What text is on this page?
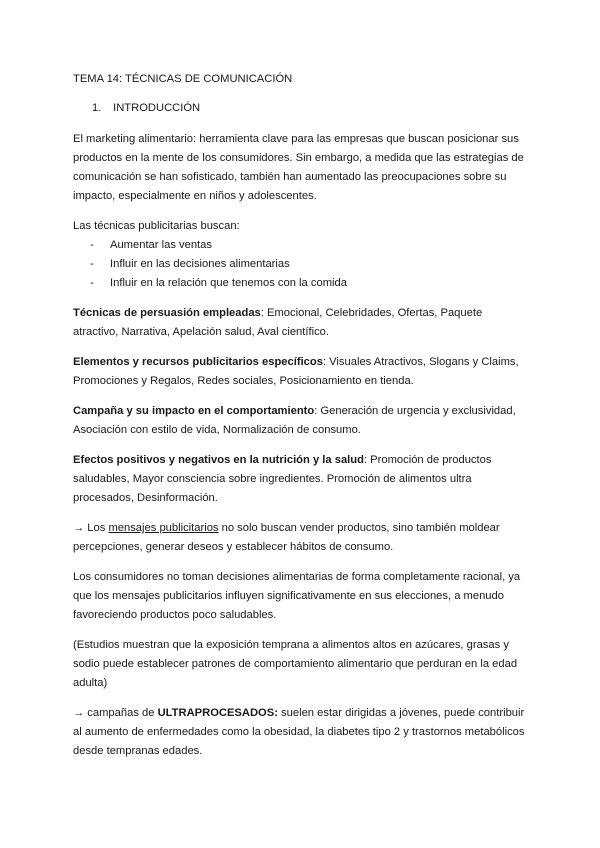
TEMA 14: TÉCNICAS DE COMUNICACIÓN

1. INTRODUCCIÓN

El marketing alimentario: herramienta clave para las empresas que buscan posicionar sus productos en la mente de los consumidores. Sin embargo, a medida que las estrategias de comunicación se han sofisticado, también han aumentado las preocupaciones sobre su impacto, especialmente en niños y adolescentes.

Las técnicas publicitarias buscan:

- Aumentar las ventas
- Influir en las decisiones alimentarias
- Influir en la relación que tenemos con la comida

Técnicas de persuasión empleadas: Emocional, Celebridades, Ofertas, Paquete atractivo, Narrativa, Apelación salud, Aval científico.

Elementos y recursos publicitarios específicos: Visuales Atractivos, Slogans y Claims, Promociones y Regalos, Redes sociales, Posicionamiento en tienda.

Campaña y su impacto en el comportamiento: Generación de urgencia y exclusividad, Asociación con estilo de vida, Normalización de consumo.

Efectos positivos y negativos en la nutrición y la salud: Promoción de productos saludables, Mayor consciencia sobre ingredientes. Promoción de alimentos ultra procesados, Desinformación.

→ Los mensajes publicitarios no solo buscan vender productos, sino también moldear percepciones, generar deseos y establecer hábitos de consumo.

Los consumidores no toman decisiones alimentarias de forma completamente racional, ya que los mensajes publicitarios influyen significativamente en sus elecciones, a menudo favoreciendo productos poco saludables.

(Estudios muestran que la exposición temprana a alimentos altos en azúcares, grasas y sodio puede establecer patrones de comportamiento alimentario que perduran en la edad adulta)

→ campañas de ULTRAPROCESADOS: suelen estar dirigidas a jóvenes, puede contribuir al aumento de enfermedades como la obesidad, la diabetes tipo 2 y trastornos metabólicos desde tempranas edades.
